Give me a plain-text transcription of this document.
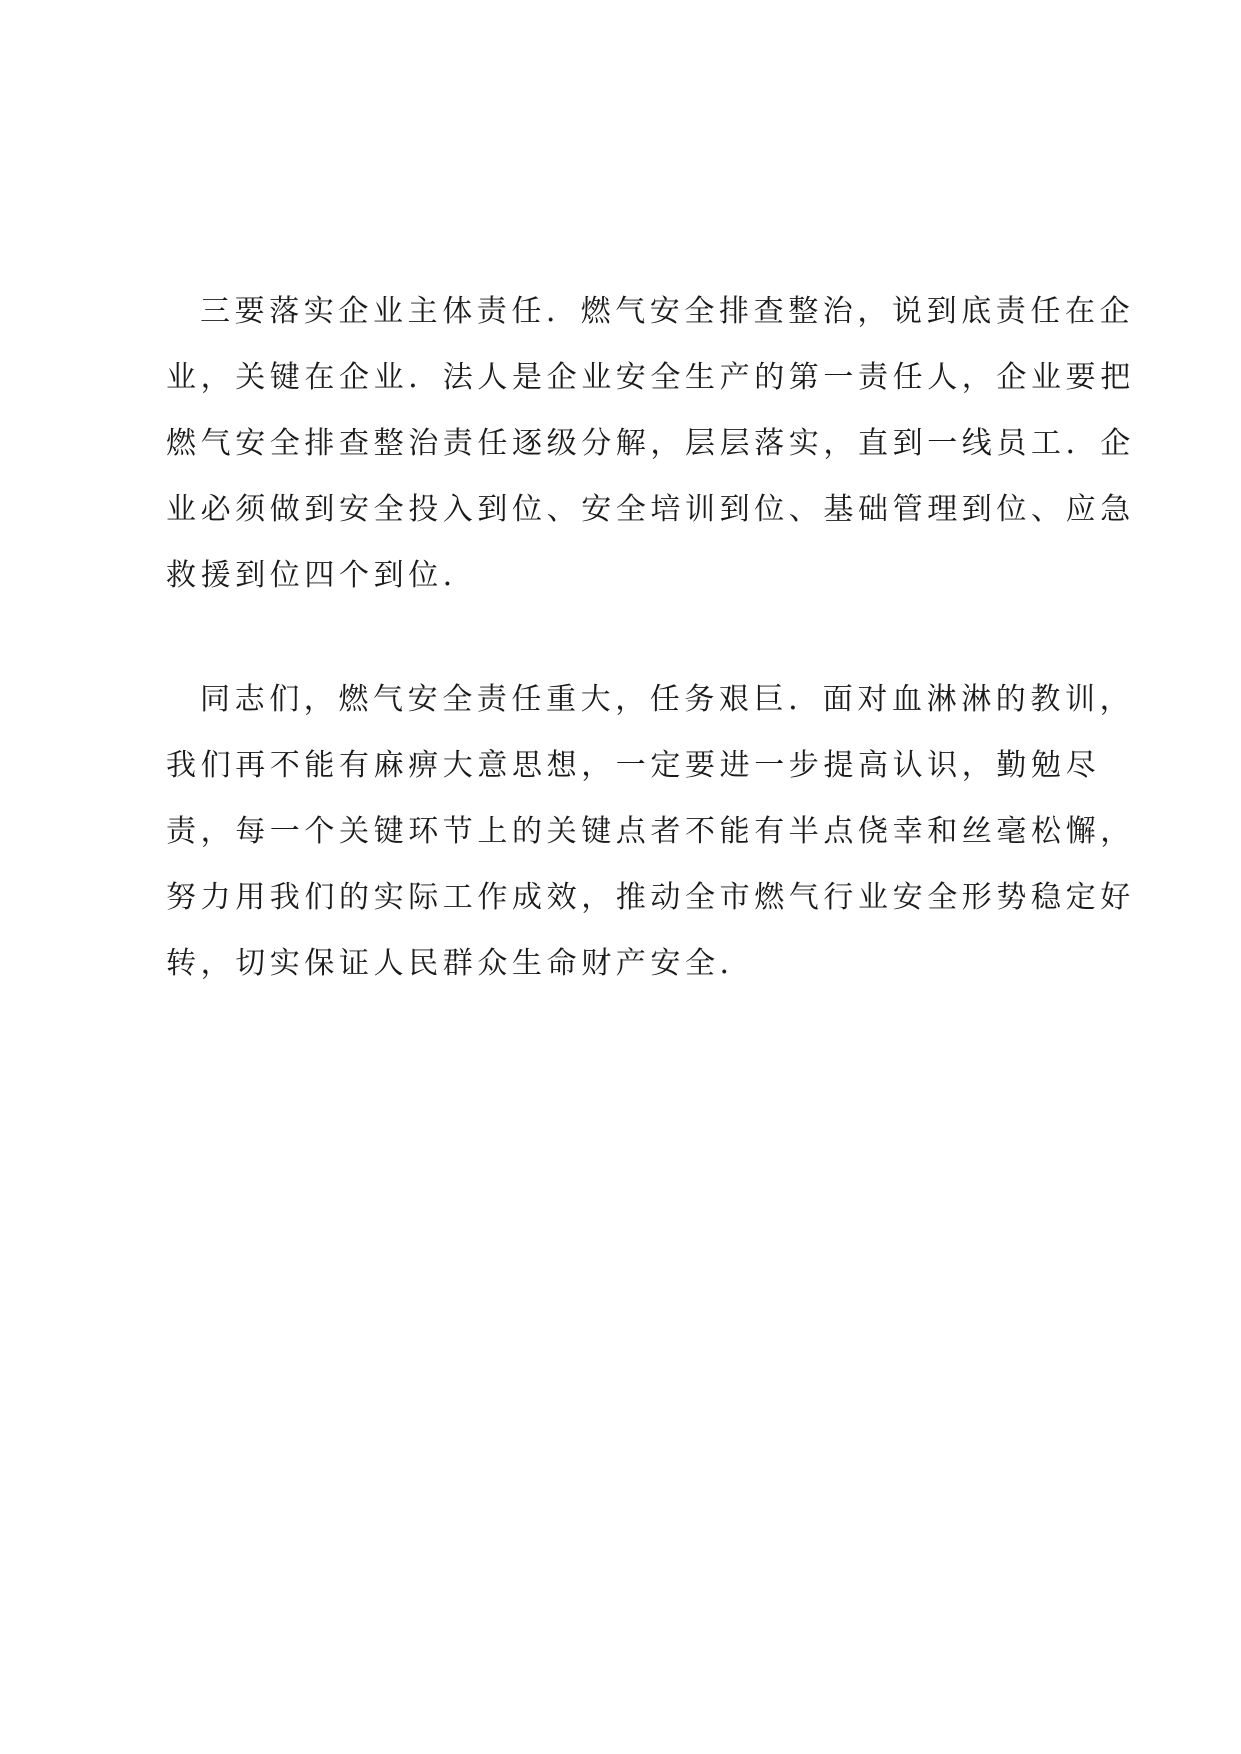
三要落实企业主体责任．燃气安全排查整治，说到底责任在企
业，关键在企业．法人是企业安全生产的第一责任人，企业要把
燃气安全排查整治责任逐级分解，层层落实，直到一线员工．企
业必须做到安全投入到位、安全培训到位、基础管理到位、应急
救援到位四个到位．
同志们，燃气安全责任重大，任务艰巨．面对血淋淋的教训，
我们再不能有麻痹大意思想，一定要进一步提高认识，勤勉尽
责，每一个关键环节上的关键点者不能有半点侥幸和丝毫松懈，
努力用我们的实际工作成效，推动全市燃气行业安全形势稳定好
转，切实保证人民群众生命财产安全．
